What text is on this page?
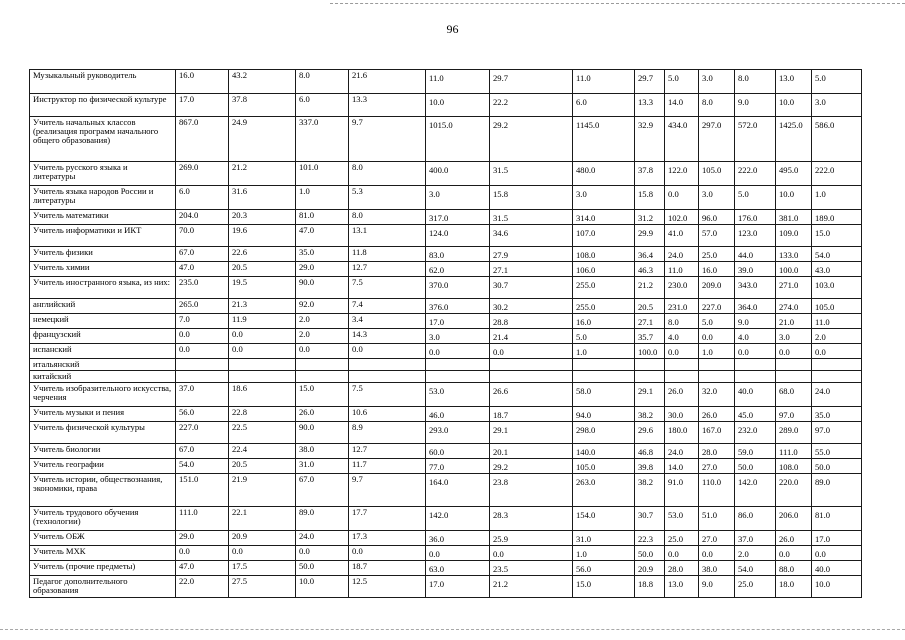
96
Музыкальный руководитель	16.0	43.2	8.0	21.6	11.0	29.7	11.0	29.7	5.0	3.0	8.0	13.0	5.0	
Инструктор по физической культуре	17.0	37.8	6.0	13.3	10.0	22.2	6.0	13.3	14.0	8.0	9.0	10.0	3.0	
Учитель начальных классов (реализация программ начального общего образования)	867.0	24.9	337.0	9.7	1015.0	29.2	1145.0	32.9	434.0	297.0	572.0	1425.0	586.0	
Учитель русского языка и литературы	269.0	21.2	101.0	8.0	400.0	31.5	480.0	37.8	122.0	105.0	222.0	495.0	222.0	
Учитель языка народов России и литературы	6.0	31.6	1.0	5.3	3.0	15.8	3.0	15.8	0.0	3.0	5.0	10.0	1.0	
Учитель математики	204.0	20.3	81.0	8.0	317.0	31.5	314.0	31.2	102.0	96.0	176.0	381.0	189.0	
Учитель информатики и ИКТ	70.0	19.6	47.0	13.1	124.0	34.6	107.0	29.9	41.0	57.0	123.0	109.0	15.0	
Учитель физики	67.0	22.6	35.0	11.8	83.0	27.9	108.0	36.4	24.0	25.0	44.0	133.0	54.0	
Учитель химии	47.0	20.5	29.0	12.7	62.0	27.1	106.0	46.3	11.0	16.0	39.0	100.0	43.0	
Учитель иностранного языка, из них:	235.0	19.5	90.0	7.5	370.0	30.7	255.0	21.2	230.0	209.0	343.0	271.0	103.0	
английский	265.0	21.3	92.0	7.4	376.0	30.2	255.0	20.5	231.0	227.0	364.0	274.0	105.0	
немецкий	7.0	11.9	2.0	3.4	17.0	28.8	16.0	27.1	8.0	5.0	9.0	21.0	11.0	
французский	0.0	0.0	2.0	14.3	3.0	21.4	5.0	35.7	4.0	0.0	4.0	3.0	2.0	
испанский	0.0	0.0	0.0	0.0	0.0	0.0	1.0	100.0	0.0	1.0	0.0	0.0	0.0	
итальянский														
китайский														
Учитель изобразительного искусства, черчения	37.0	18.6	15.0	7.5	53.0	26.6	58.0	29.1	26.0	32.0	40.0	68.0	24.0	
Учитель музыки и пения	56.0	22.8	26.0	10.6	46.0	18.7	94.0	38.2	30.0	26.0	45.0	97.0	35.0	
Учитель физической культуры	227.0	22.5	90.0	8.9	293.0	29.1	298.0	29.6	180.0	167.0	232.0	289.0	97.0	
Учитель биологии	67.0	22.4	38.0	12.7	60.0	20.1	140.0	46.8	24.0	28.0	59.0	111.0	55.0	
Учитель географии	54.0	20.5	31.0	11.7	77.0	29.2	105.0	39.8	14.0	27.0	50.0	108.0	50.0	
Учитель истории, обществознания, экономики, права	151.0	21.9	67.0	9.7	164.0	23.8	263.0	38.2	91.0	110.0	142.0	220.0	89.0	
Учитель трудового обучения (технологии)	111.0	22.1	89.0	17.7	142.0	28.3	154.0	30.7	53.0	51.0	86.0	206.0	81.0	
Учитель ОБЖ	29.0	20.9	24.0	17.3	36.0	25.9	31.0	22.3	25.0	27.0	37.0	26.0	17.0	
Учитель МХК	0.0	0.0	0.0	0.0	0.0	0.0	1.0	50.0	0.0	0.0	2.0	0.0	0.0	
Учитель (прочие предметы)	47.0	17.5	50.0	18.7	63.0	23.5	56.0	20.9	28.0	38.0	54.0	88.0	40.0	
Педагог дополнительного образования	22.0	27.5	10.0	12.5	17.0	21.2	15.0	18.8	13.0	9.0	25.0	18.0	10.0	
